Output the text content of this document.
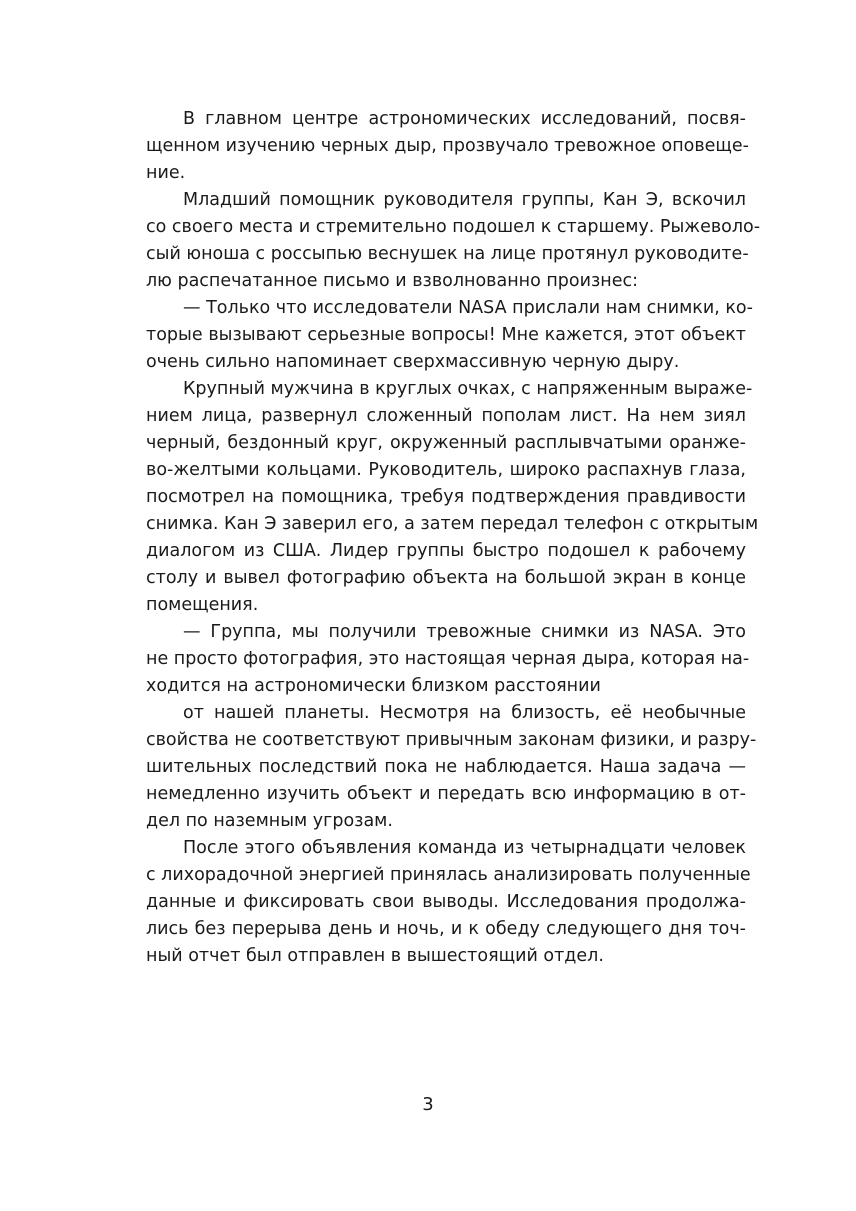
В главном центре астрономических исследований, посвя-
щенном изучению черных дыр, прозвучало тревожное оповеще-
ние.
Младший помощник руководителя группы, Кан Э, вскочил
со своего места и стремительно подошел к старшему. Рыжеволо-
сый юноша с россыпью веснушек на лице протянул руководите-
лю распечатанное письмо и взволнованно произнес:
— Только что исследователи NASA прислали нам снимки, ко-
торые вызывают серьезные вопросы! Мне кажется, этот объект
очень сильно напоминает сверхмассивную черную дыру.
Крупный мужчина в круглых очках, с напряженным выраже-
нием лица, развернул сложенный пополам лист. На нем зиял
черный, бездонный круг, окруженный расплывчатыми оранже-
во-желтыми кольцами. Руководитель, широко распахнув глаза,
посмотрел на помощника, требуя подтверждения правдивости
снимка. Кан Э заверил его, а затем передал телефон с открытым
диалогом из США. Лидер группы быстро подошел к рабочему
столу и вывел фотографию объекта на большой экран в конце
помещения.
— Группа, мы получили тревожные снимки из NASA. Это
не просто фотография, это настоящая черная дыра, которая на-
ходится на астрономически близком расстоянии
от нашей планеты. Несмотря на близость, её необычные
свойства не соответствуют привычным законам физики, и разру-
шительных последствий пока не наблюдается. Наша задача —
немедленно изучить объект и передать всю информацию в от-
дел по наземным угрозам.
После этого объявления команда из четырнадцати человек
с лихорадочной энергией принялась анализировать полученные
данные и фиксировать свои выводы. Исследования продолжа-
лись без перерыва день и ночь, и к обеду следующего дня точ-
ный отчет был отправлен в вышестоящий отдел.
3
